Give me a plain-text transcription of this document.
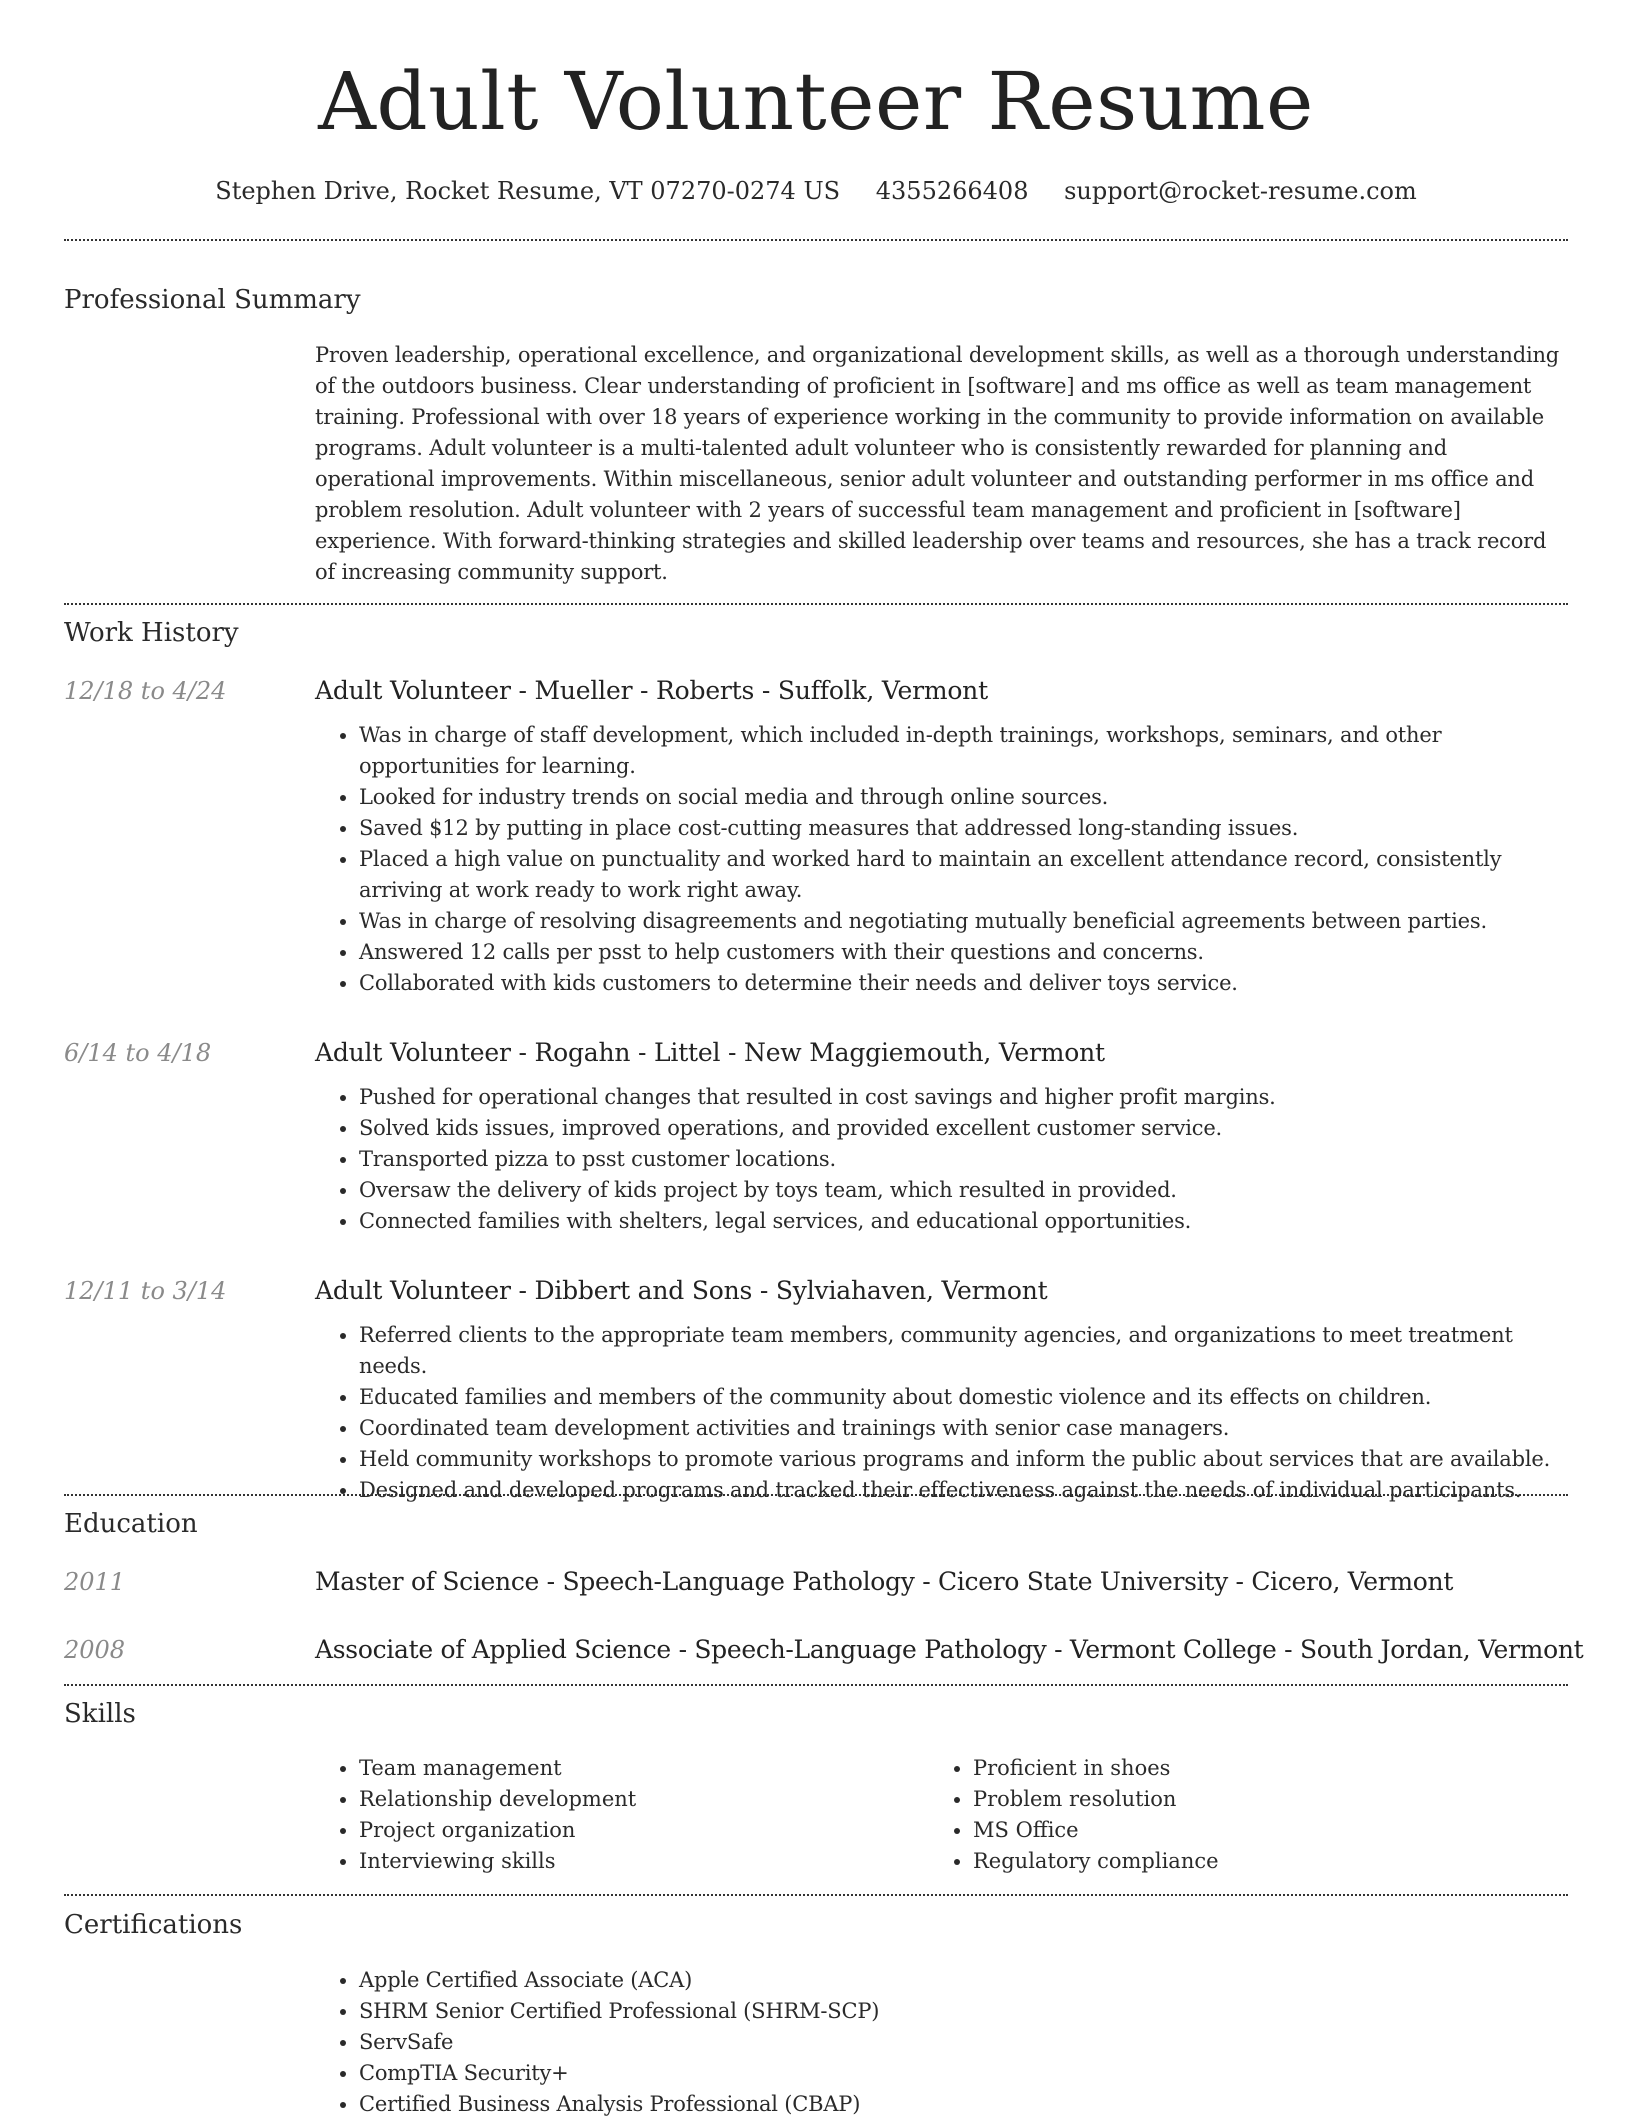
Adult Volunteer Resume
Stephen Drive, Rocket Resume, VT 07270-0274 US 4355266408 support@rocket-resume.com
Professional Summary

Proven leadership, operational excellence, and organizational development skills, as well as a thorough understanding of the outdoors business. Clear understanding of proficient in [software] and ms office as well as team management training. Professional with over 18 years of experience working in the community to provide information on available programs. Adult volunteer is a multi-talented adult volunteer who is consistently rewarded for planning and operational improvements. Within miscellaneous, senior adult volunteer and outstanding performer in ms office and problem resolution. Adult volunteer with 2 years of successful team management and proficient in [software] experience. With forward-thinking strategies and skilled leadership over teams and resources, she has a track record of increasing community support.

Work History
12/18 to 4/24	Adult Volunteer - Mueller - Roberts - Suffolk, Vermont

• Was in charge of staff development, which included in-depth trainings, workshops, seminars, and other opportunities for learning.
• Looked for industry trends on social media and through online sources.
• Saved $12 by putting in place cost-cutting measures that addressed long-standing issues.
• Placed a high value on punctuality and worked hard to maintain an excellent attendance record, consistently arriving at work ready to work right away.
• Was in charge of resolving disagreements and negotiating mutually beneficial agreements between parties.
• Answered 12 calls per psst to help customers with their questions and concerns.
• Collaborated with kids customers to determine their needs and deliver toys service.
6/14 to 4/18	Adult Volunteer - Rogahn - Littel - New Maggiemouth, Vermont

• Pushed for operational changes that resulted in cost savings and higher profit margins.
• Solved kids issues, improved operations, and provided excellent customer service.
• Transported pizza to psst customer locations.
• Oversaw the delivery of kids project by toys team, which resulted in provided.
• Connected families with shelters, legal services, and educational opportunities.
12/11 to 3/14	Adult Volunteer - Dibbert and Sons - Sylviahaven, Vermont

• Referred clients to the appropriate team members, community agencies, and organizations to meet treatment needs.
• Educated families and members of the community about domestic violence and its effects on children.
• Coordinated team development activities and trainings with senior case managers.
• Held community workshops to promote various programs and inform the public about services that are available.
• Designed and developed programs and tracked their effectiveness against the needs of individual participants.
Education
2011	Master of Science - Speech-Language Pathology - Cicero State University - Cicero, Vermont

2008	Associate of Applied Science - Speech-Language Pathology - Vermont College - South Jordan, Vermont

Skills
• Team management
• Relationship development
• Project organization
• Interviewing skills
• Proficient in shoes
• Problem resolution
• MS Office
• Regulatory compliance
Certifications
• Apple Certified Associate (ACA)
• SHRM Senior Certified Professional (SHRM-SCP)
• ServSafe
• CompTIA Security+
• Certified Business Analysis Professional (CBAP)
